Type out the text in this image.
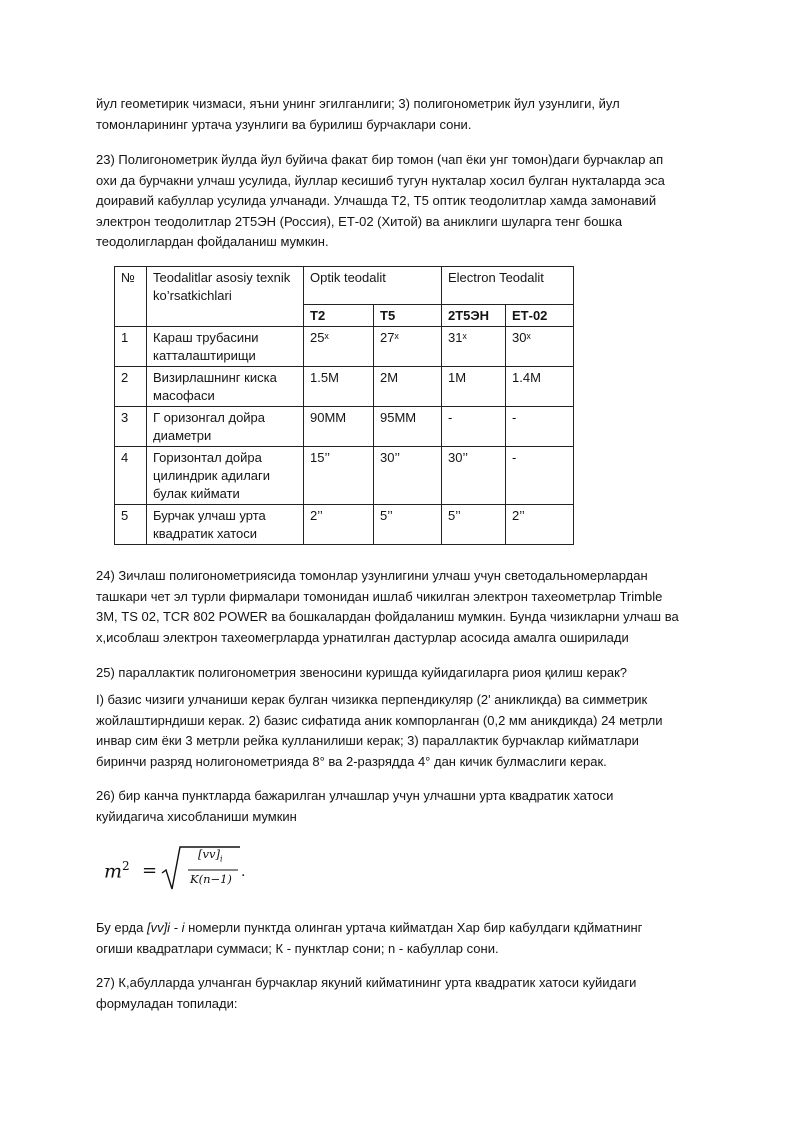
йул геометирик чизмаси, яъни унинг эгилганлиги; 3) полигонометрик йул узунлиги, йул
томонларининг уртача узунлиги ва бурилиш бурчаклари сони.

23) Полигонометрик йулда йул буйича факат бир томон (чап ёки унг томон)даги бурчаклар ап
охи да бурчакни улчаш усулида, йуллар кесишиб тугун нукталар хосил булган нукталарда эса
доиравий кабуллар усулида улчанади. Улчашда Т2, Т5 оптик теодолитлар хамда замонавий
электрон теодолитлар 2Т5ЭН (Россия), ЕТ-02 (Хитой) ва аниклиги шуларга тенг бошка
теодолиглардан фойдаланиш мумкин.

№	Teodalitlar asosiy texnik ko’rsatkichlari	Optik teodalit		Electron Teodalit	
		Т2	Т5	2Т5ЭН	ЕТ-02
1	Караш трубасини катталаштирищи	25ˣ	27ˣ	31ˣ	30ˣ
2	Визирлашнинг киска масофаси	1.5М	2М	1М	1.4М
3	Г оризонгал дойра диаметри	90ММ	95ММ	-	-
4	Горизонтал дойра цилиндрик адилаги булак киймати	15’’	30’’	30’’	-
5	Бурчак улчаш урта квадратик хатоси	2’’	5’’	5’’	2’’

24) Зичлаш полигонометриясида томонлар узунлигини улчаш учун светодальномерлардан
ташкари чет эл турли фирмалари томонидан ишлаб чикилган электрон тахеометрлар Trimble
3М, TS 02, TCR 802 POWER ва бошкалардан фойдаланиш мумкин. Бунда чизикларни улчаш ва
х,исоблаш электрон тахеомегрларда урнатилган дастурлар асосида амалга оширилади

25) параллактик полигонометрия звеносини куришда куйидагиларга риоя қилиш керак?

I) базис чизиги улчаниши керак булган чизикка перпендикуляр (2' аникликда) ва симметрик
жойлаштирндиши керак. 2) базис сифатида аник компорланган (0,2 мм аникдикда) 24 метрли
инвар сим ёки 3 метрли рейка кулланилиши керак; 3) параллактик бурчаклар кийматлари
биринчи разряд нолигонометрияда 8° ва 2-разрядда 4° дан кичик булмаслиги керак.

26) бир канча пунктларда бажарилган улчашлар учун улчашни урта квадратик хатоси
куйидагича хисобланиши мумкин

$m^2$ =
$[vv]_i$
K(n−1) .

Бу ерда [vv]i - i номерли пунктда олинган уртача кийматдан Хар бир кабулдаги кдйматнинг
огиши квадратлари суммаси; К - пунктлар сони; n - кабуллар сони.

27) К,абулларда улчанган бурчаклар якуний кийматининг урта квадратик хатоси куйидаги
формуладан топилади:
